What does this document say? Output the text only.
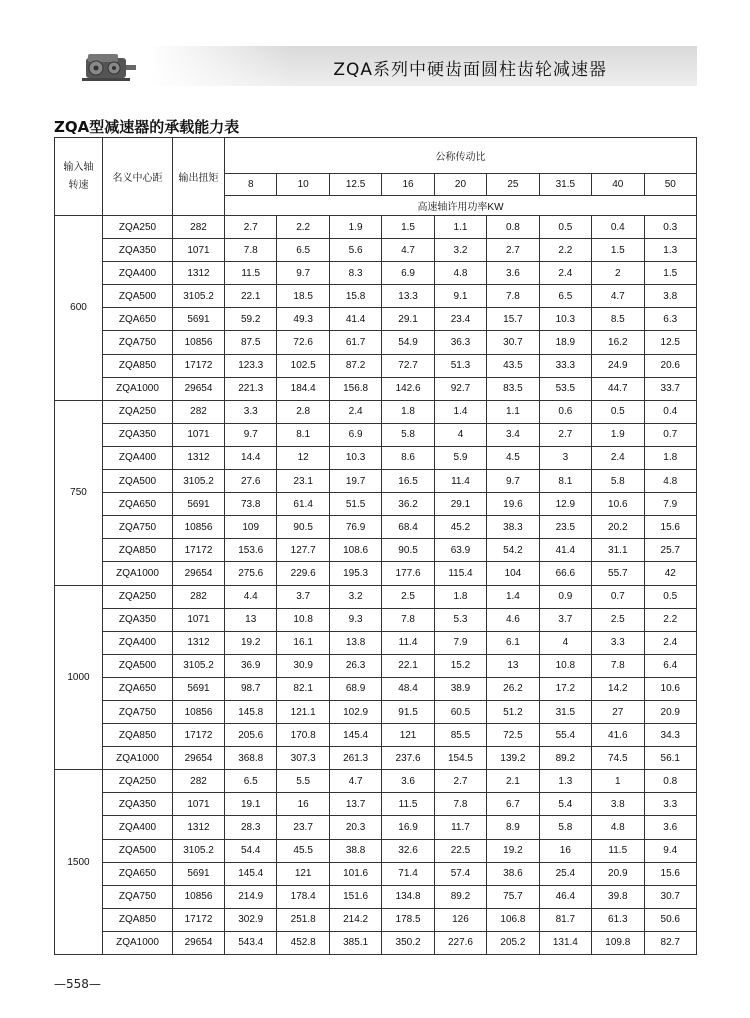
ZQA系列中硬齿面圆柱齿轮减速器
ZQA型减速器的承载能力表
输入轴
转速	名义中心距	输出扭矩	公称传动比								
			8	10	12.5	16	20	25	31.5	40	50
			高速轴许用功率KW								
600	ZQA250	282	2.7	2.2	1.9	1.5	1.1	0.8	0.5	0.4	0.3
	ZQA350	1071	7.8	6.5	5.6	4.7	3.2	2.7	2.2	1.5	1.3
	ZQA400	1312	11.5	9.7	8.3	6.9	4.8	3.6	2.4	2	1.5
	ZQA500	3105.2	22.1	18.5	15.8	13.3	9.1	7.8	6.5	4.7	3.8
	ZQA650	5691	59.2	49.3	41.4	29.1	23.4	15.7	10.3	8.5	6.3
	ZQA750	10856	87.5	72.6	61.7	54.9	36.3	30.7	18.9	16.2	12.5
	ZQA850	17172	123.3	102.5	87.2	72.7	51.3	43.5	33.3	24.9	20.6
	ZQA1000	29654	221.3	184.4	156.8	142.6	92.7	83.5	53.5	44.7	33.7
750	ZQA250	282	3.3	2.8	2.4	1.8	1.4	1.1	0.6	0.5	0.4
	ZQA350	1071	9.7	8.1	6.9	5.8	4	3.4	2.7	1.9	0.7
	ZQA400	1312	14.4	12	10.3	8.6	5.9	4.5	3	2.4	1.8
	ZQA500	3105.2	27.6	23.1	19.7	16.5	11.4	9.7	8.1	5.8	4.8
	ZQA650	5691	73.8	61.4	51.5	36.2	29.1	19.6	12.9	10.6	7.9
	ZQA750	10856	109	90.5	76.9	68.4	45.2	38.3	23.5	20.2	15.6
	ZQA850	17172	153.6	127.7	108.6	90.5	63.9	54.2	41.4	31.1	25.7
	ZQA1000	29654	275.6	229.6	195.3	177.6	115.4	104	66.6	55.7	42
1000	ZQA250	282	4.4	3.7	3.2	2.5	1.8	1.4	0.9	0.7	0.5
	ZQA350	1071	13	10.8	9.3	7.8	5.3	4.6	3.7	2.5	2.2
	ZQA400	1312	19.2	16.1	13.8	11.4	7.9	6.1	4	3.3	2.4
	ZQA500	3105.2	36.9	30.9	26.3	22.1	15.2	13	10.8	7.8	6.4
	ZQA650	5691	98.7	82.1	68.9	48.4	38.9	26.2	17.2	14.2	10.6
	ZQA750	10856	145.8	121.1	102.9	91.5	60.5	51.2	31.5	27	20.9
	ZQA850	17172	205.6	170.8	145.4	121	85.5	72.5	55.4	41.6	34.3
	ZQA1000	29654	368.8	307.3	261.3	237.6	154.5	139.2	89.2	74.5	56.1
1500	ZQA250	282	6.5	5.5	4.7	3.6	2.7	2.1	1.3	1	0.8
	ZQA350	1071	19.1	16	13.7	11.5	7.8	6.7	5.4	3.8	3.3
	ZQA400	1312	28.3	23.7	20.3	16.9	11.7	8.9	5.8	4.8	3.6
	ZQA500	3105.2	54.4	45.5	38.8	32.6	22.5	19.2	16	11.5	9.4
	ZQA650	5691	145.4	121	101.6	71.4	57.4	38.6	25.4	20.9	15.6
	ZQA750	10856	214.9	178.4	151.6	134.8	89.2	75.7	46.4	39.8	30.7
	ZQA850	17172	302.9	251.8	214.2	178.5	126	106.8	81.7	61.3	50.6
	ZQA1000	29654	543.4	452.8	385.1	350.2	227.6	205.2	131.4	109.8	82.7
—558—
